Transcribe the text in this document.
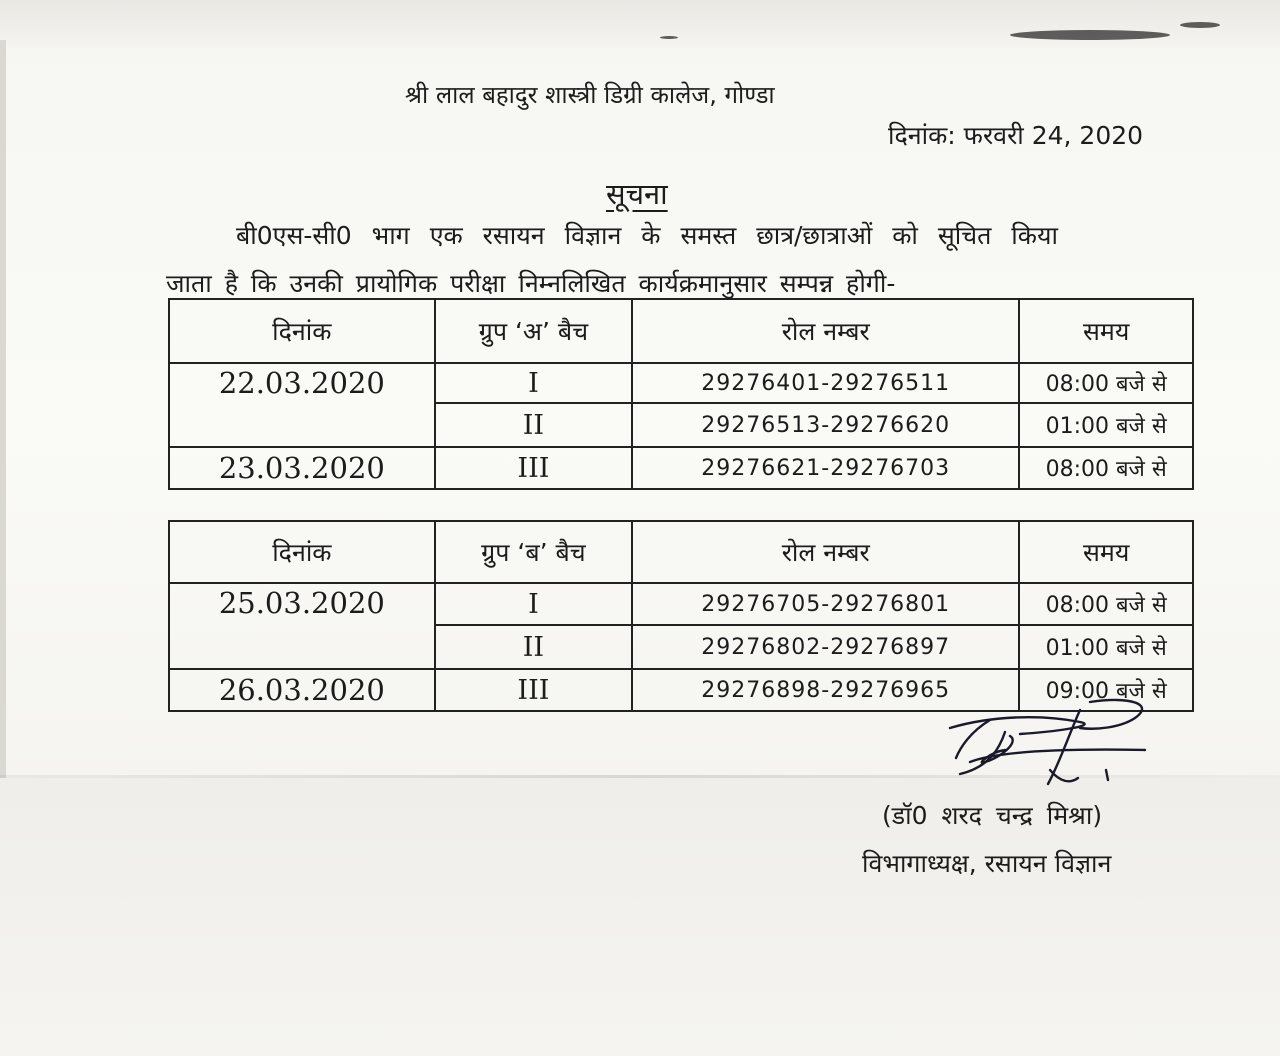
श्री लाल बहादुर शास्त्री डिग्री कालेज, गोण्डा
दिनांक: फरवरी 24, 2020
सूचना
बी0एस-सी0 भाग एक रसायन विज्ञान के समस्त छात्र/छात्राओं को सूचित किया
जाता है कि उनकी प्रायोगिक परीक्षा निम्नलिखित कार्यक्रमानुसार सम्पन्न होगी-
दिनांक	ग्रुप ‘अ’ बैच	रोल नम्बर	समय
22.03.2020	I	29276401-29276511	08:00 बजे से
	II	29276513-29276620	01:00 बजे से
23.03.2020	III	29276621-29276703	08:00 बजे से
दिनांक	ग्रुप ‘ब’ बैच	रोल नम्बर	समय
25.03.2020	I	29276705-29276801	08:00 बजे से
	II	29276802-29276897	01:00 बजे से
26.03.2020	III	29276898-29276965	09:00 बजे से
(डॉ0 शरद चन्द्र मिश्रा)
विभागाध्यक्ष, रसायन विज्ञान
